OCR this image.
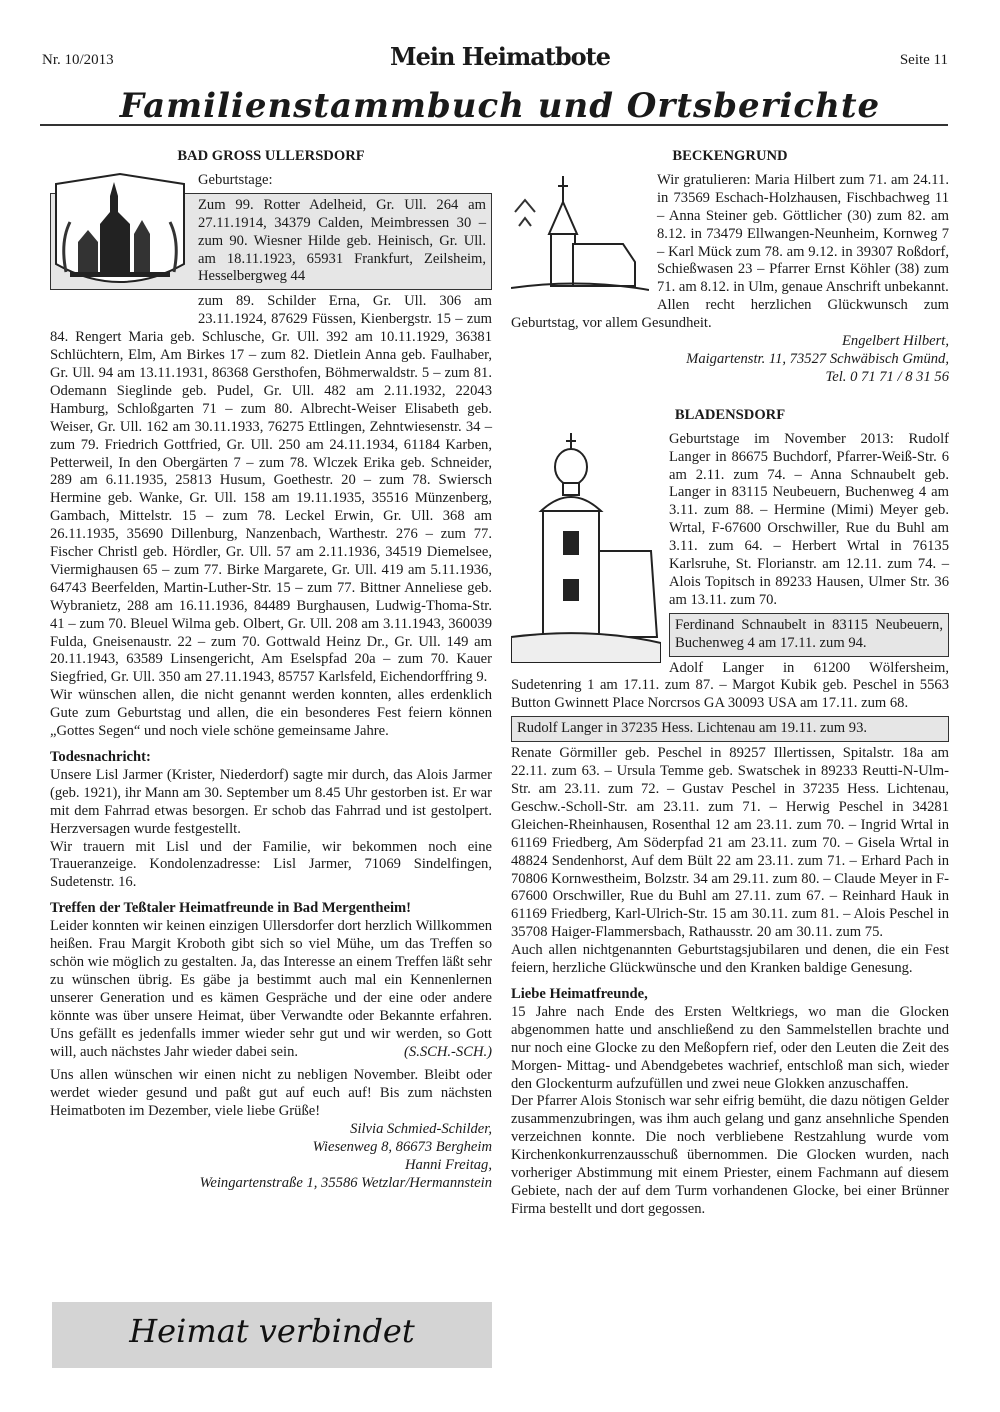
Nr. 10/2013	Mein Heimatbote	Seite 11
Familienstammbuch und Ortsberichte
BAD GROSS ULLERSDORF

Geburtstage:

Zum 99. Rotter Adelheid, Gr. Ull. 264 am 27.11.1914, 34379 Calden, Meimbressen 30 – zum 90. Wiesner Hilde geb. Heinisch, Gr. Ull. am 18.11.1923, 65931 Frankfurt, Zeilsheim, Hesselbergweg 44

zum 89. Schilder Erna, Gr. Ull. 306 am 23.11.1924, 87629 Füssen, Kienbergstr. 15 – zum 84. Rengert Maria geb. Schlusche, Gr. Ull. 392 am 10.11.1929, 36381 Schlüchtern, Elm, Am Birkes 17 – zum 82. Dietlein Anna geb. Faulhaber, Gr. Ull. 94 am 13.11.1931, 86368 Gersthofen, Böhmerwaldstr. 5 – zum 81. Odemann Sieglinde geb. Pudel, Gr. Ull. 482 am 2.11.1932, 22043 Hamburg, Schloßgarten 71 – zum 80. Albrecht-Weiser Elisabeth geb. Weiser, Gr. Ull. 162 am 30.11.1933, 76275 Ettlingen, Zehntwiesenstr. 34 – zum 79. Friedrich Gottfried, Gr. Ull. 250 am 24.11.1934, 61184 Karben, Petterweil, In den Obergärten 7 – zum 78. Wlczek Erika geb. Schneider, 289 am 6.11.1935, 25813 Husum, Goethestr. 20 – zum 78. Swiersch Hermine geb. Wanke, Gr. Ull. 158 am 19.11.1935, 35516 Münzenberg, Gambach, Mittelstr. 15 – zum 78. Leckel Erwin, Gr. Ull. 368 am 26.11.1935, 35690 Dillenburg, Nanzenbach, Warthestr. 276 – zum 77. Fischer Christl geb. Hördler, Gr. Ull. 57 am 2.11.1936, 34519 Diemelsee, Viermighausen 65 – zum 77. Birke Margarete, Gr. Ull. 419 am 5.11.1936, 64743 Beerfelden, Martin-Luther-Str. 15 – zum 77. Bittner Anneliese geb. Wybranietz, 288 am 16.11.1936, 84489 Burghausen, Ludwig-Thoma-Str. 41 – zum 70. Bleuel Wilma geb. Olbert, Gr. Ull. 208 am 3.11.1943, 360039 Fulda, Gneisenaustr. 22 – zum 70. Gottwald Heinz Dr., Gr. Ull. 149 am 20.11.1943, 63589 Linsengericht, Am Eselspfad 20a – zum 70. Kauer Siegfried, Gr. Ull. 350 am 27.11.1943, 85757 Karlsfeld, Eichendorffring 9.

Wir wünschen allen, die nicht genannt werden konnten, alles erdenklich Gute zum Geburtstag und allen, die ein besonderes Fest feiern können „Gottes Segen“ und noch viele schöne gemeinsame Jahre.

Todesnachricht:

Unsere Lisl Jarmer (Krister, Niederdorf) sagte mir durch, das Alois Jarmer (geb. 1921), ihr Mann am 30. September um 8.45 Uhr gestorben ist. Er war mit dem Fahrrad etwas besorgen. Er schob das Fahrrad und ist gestolpert. Herzversagen wurde festgestellt.

Wir trauern mit Lisl und der Familie, wir bekommen noch eine Traueranzeige. Kondolenzadresse: Lisl Jarmer, 71069 Sindelfingen, Sudetenstr. 16.

Treffen der Teßtaler Heimatfreunde in Bad Mergentheim!

Leider konnten wir keinen einzigen Ullersdorfer dort herzlich Willkommen heißen. Frau Margit Kroboth gibt sich so viel Mühe, um das Treffen so schön wie möglich zu gestalten. Ja, das Interesse an einem Treffen läßt sehr zu wünschen übrig. Es gäbe ja bestimmt auch mal ein Kennenlernen unserer Generation und es kämen Gespräche und der eine oder andere könnte was über unsere Heimat, über Verwandte oder Bekannte erfahren. Uns gefällt es jedenfalls immer wieder sehr gut und wir werden, so Gott will, auch nächstes Jahr wieder dabei sein.	(S.SCH.-SCH.)

Uns allen wünschen wir einen nicht zu nebligen November. Bleibt oder werdet wieder gesund und paßt gut auf euch auf! Bis zum nächsten Heimatboten im Dezember, viele liebe Grüße!

Silvia Schmied-Schilder,
Wiesenweg 8, 86673 Bergheim
Hanni Freitag,
Weingartenstraße 1, 35586 Wetzlar/Hermannstein
Heimat verbindet
BECKENGRUND

Wir gratulieren: Maria Hilbert zum 71. am 24.11. in 73569 Eschach-Holzhausen, Fischbachweg 11 – Anna Steiner geb. Göttlicher (30) zum 82. am 8.12. in 73479 Ellwangen-Neunheim, Kornweg 7 – Karl Mück zum 78. am 9.12. in 39307 Roßdorf, Schießwasen 23 – Pfarrer Ernst Köhler (38) zum 71. am 8.12. in Ulm, genaue Anschrift unbekannt.

Allen recht herzlichen Glückwunsch zum Geburtstag, vor allem Gesundheit.

Engelbert Hilbert,
Maigartenstr. 11, 73527 Schwäbisch Gmünd,
Tel. 0 71 71 / 8 31 56
BLADENSDORF

Geburtstage im November 2013: Rudolf Langer in 86675 Buchdorf, Pfarrer-Weiß-Str. 6 am 2.11. zum 74. – Anna Schnaubelt geb. Langer in 83115 Neubeuern, Buchenweg 4 am 3.11. zum 88. – Hermine (Mimi) Meyer geb. Wrtal, F-67600 Orschwiller, Rue du Buhl am 3.11. zum 64. – Herbert Wrtal in 76135 Karlsruhe, St. Florianstr. am 12.11. zum 74. – Alois Topitsch in 89233 Hausen, Ulmer Str. 36 am 13.11. zum 70.

Ferdinand Schnaubelt in 83115 Neubeuern, Buchenweg 4 am 17.11. zum 94.

Adolf Langer in 61200 Wölfersheim, Sudetenring 1 am 17.11. zum 87. – Margot Kubik geb. Peschel in 5563 Button Gwinnett Place Norcrsos GA 30093 USA am 17.11. zum 68.

Rudolf Langer in 37235 Hess. Lichtenau am 19.11. zum 93.

Renate Görmiller geb. Peschel in 89257 Illertissen, Spitalstr. 18a am 22.11. zum 63. – Ursula Temme geb. Swatschek in 89233 Reutti-N-Ulm-Str. am 23.11. zum 72. – Gustav Peschel in 37235 Hess. Lichtenau, Geschw.-Scholl-Str. am 23.11. zum 71. – Herwig Peschel in 34281 Gleichen-Rheinhausen, Rosenthal 12 am 23.11. zum 70. – Ingrid Wrtal in 61169 Friedberg, Am Söderpfad 21 am 23.11. zum 70. – Gisela Wrtal in 48824 Sendenhorst, Auf dem Bült 22 am 23.11. zum 71. – Erhard Pach in 70806 Kornwestheim, Bolzstr. 34 am 29.11. zum 80. – Claude Meyer in F-67600 Orschwiller, Rue du Buhl am 27.11. zum 67. – Reinhard Hauk in 61169 Friedberg, Karl-Ulrich-Str. 15 am 30.11. zum 81. – Alois Peschel in 35708 Haiger-Flammersbach, Rathausstr. 20 am 30.11. zum 75.

Auch allen nichtgenannten Geburtstagsjubilaren und denen, die ein Fest feiern, herzliche Glückwünsche und den Kranken baldige Genesung.

Liebe Heimatfreunde,

15 Jahre nach Ende des Ersten Weltkriegs, wo man die Glocken abgenommen hatte und anschließend zu den Sammelstellen brachte und nur noch eine Glocke zu den Meßopfern rief, oder den Leuten die Zeit des Morgen- Mittag- und Abendgebetes wachrief, entschloß man sich, wieder den Glockenturm aufzufüllen und zwei neue Glokken anzuschaffen.

Der Pfarrer Alois Stonisch war sehr eifrig bemüht, die dazu nötigen Gelder zusammenzubringen, was ihm auch gelang und ganz ansehnliche Spenden verzeichnen konnte. Die noch verbliebene Restzahlung wurde vom Kirchenkonkurrenzausschuß übernommen. Die Glocken wurden, nach vorheriger Abstimmung mit einem Priester, einem Fachmann auf diesem Gebiete, nach der auf dem Turm vorhandenen Glocke, bei einer Brünner Firma bestellt und dort gegossen.
